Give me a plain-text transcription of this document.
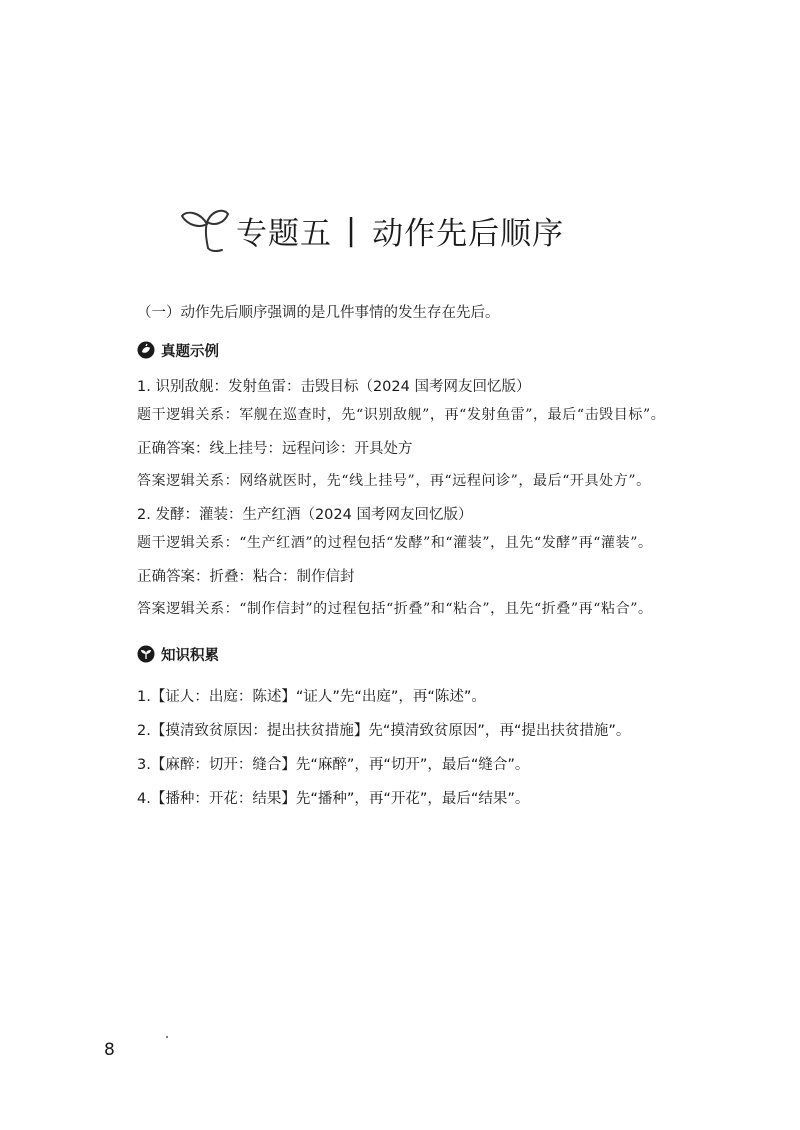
专题五 | 动作先后顺序
（一）动作先后顺序强调的是几件事情的发生存在先后。
真题示例
1. 识别敌舰：发射鱼雷：击毁目标（2024 国考网友回忆版）
题干逻辑关系：军舰在巡查时，先“识别敌舰”，再“发射鱼雷”，最后“击毁目标”。
正确答案：线上挂号：远程问诊：开具处方
答案逻辑关系：网络就医时，先“线上挂号”，再“远程问诊”，最后“开具处方”。
2. 发酵：灌装：生产红酒（2024 国考网友回忆版）
题干逻辑关系：“生产红酒”的过程包括“发酵”和“灌装”，且先“发酵”再“灌装”。
正确答案：折叠：粘合：制作信封
答案逻辑关系：“制作信封”的过程包括“折叠”和“粘合”，且先“折叠”再“粘合”。
知识积累
1.【证人：出庭：陈述】“证人”先“出庭”，再“陈述”。
2.【摸清致贫原因：提出扶贫措施】先“摸清致贫原因”，再“提出扶贫措施”。
3.【麻醉：切开：缝合】先“麻醉”，再“切开”，最后“缝合”。
4.【播种：开花：结果】先“播种”，再“开花”，最后“结果”。
8
